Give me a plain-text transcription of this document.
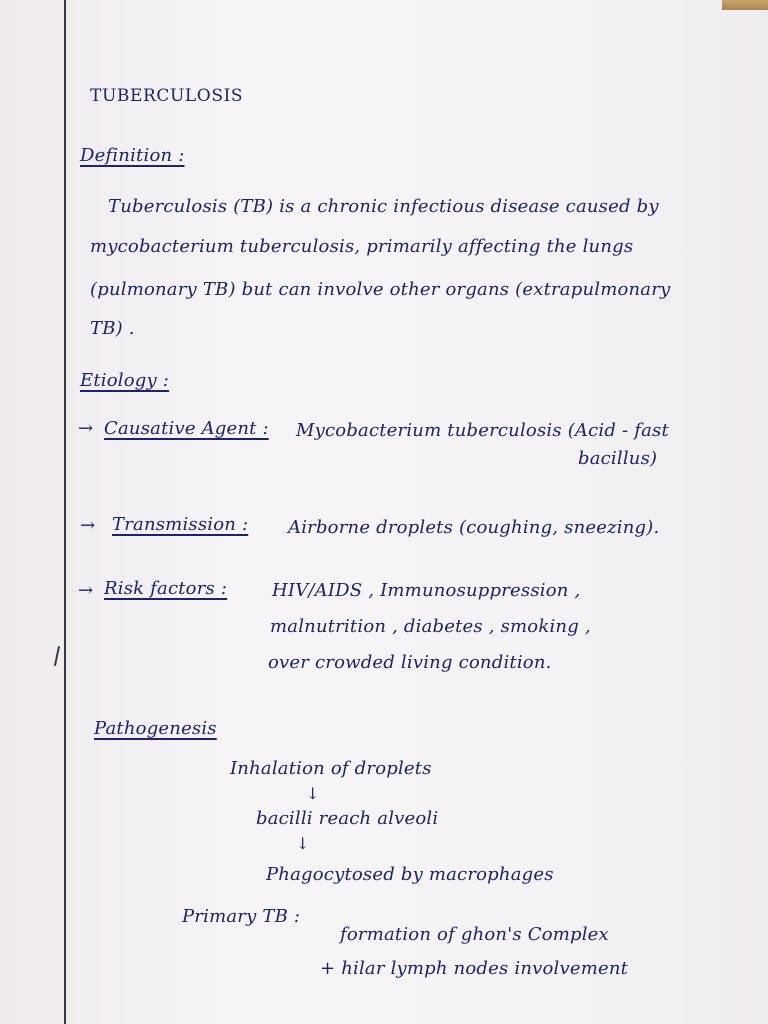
TUBERCULOSIS
Definition :
Tuberculosis (TB) is a chronic infectious disease caused by
mycobacterium tuberculosis, primarily affecting the lungs
(pulmonary TB) but can involve other organs (extrapulmonary
TB) .
Etiology :
→ Causative Agent : Mycobacterium tuberculosis (Acid - fast
bacillus)
→ Transmission : Airborne droplets (coughing, sneezing).
→ Risk factors : HIV/AIDS , Immunosuppression ,
malnutrition , diabetes , smoking ,
over crowded living condition.
Pathogenesis
Inhalation of droplets
↓
bacilli reach alveoli
↓
Phagocytosed by macrophages
Primary TB :
formation of ghon's Complex
+ hilar lymph nodes involvement
